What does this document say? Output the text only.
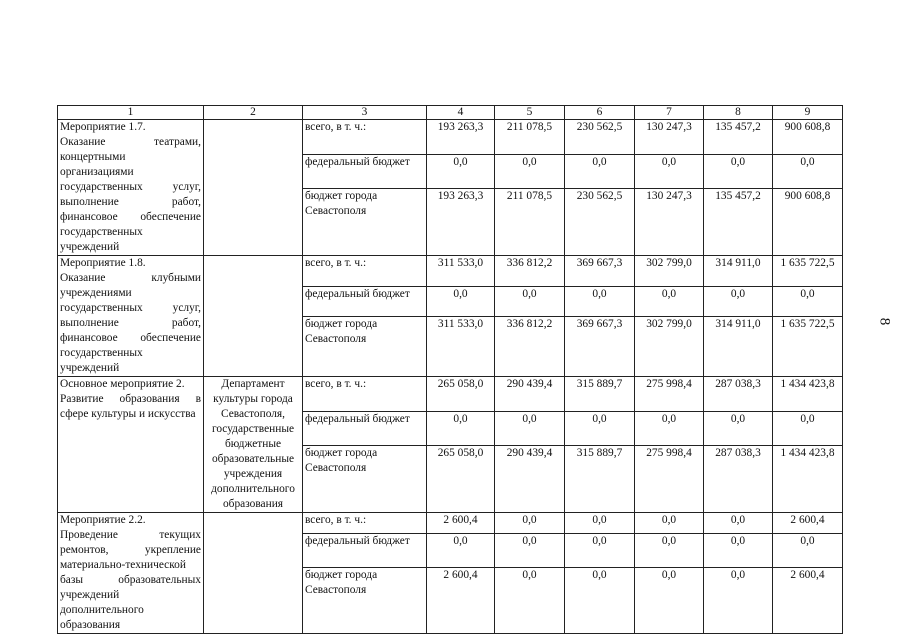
1	2	3	4	5	6	7	8	9

Мероприятие 1.7.
Оказание театрами, концертными организациями государственных услуг, выполнение работ, финансовое обеспечение государственных учреждений		всего, в т. ч.:	193 263,3	211 078,5	230 562,5	130 247,3	135 457,2	900 608,8
		федеральный бюджет	0,0	0,0	0,0	0,0	0,0	0,0
		бюджет города Севастополя	193 263,3	211 078,5	230 562,5	130 247,3	135 457,2	900 608,8

Мероприятие 1.8.
Оказание клубными учреждениями государственных услуг, выполнение работ, финансовое обеспечение государственных учреждений		всего, в т. ч.:	311 533,0	336 812,2	369 667,3	302 799,0	314 911,0	1 635 722,5
		федеральный бюджет	0,0	0,0	0,0	0,0	0,0	0,0
		бюджет города Севастополя	311 533,0	336 812,2	369 667,3	302 799,0	314 911,0	1 635 722,5

Основное мероприятие 2.
Развитие образования в сфере культуры и искусства	Департамент культуры города Севастополя, государственные бюджетные образовательные учреждения дополнительного образования	всего, в т. ч.:	265 058,0	290 439,4	315 889,7	275 998,4	287 038,3	1 434 423,8
		федеральный бюджет	0,0	0,0	0,0	0,0	0,0	0,0
		бюджет города Севастополя	265 058,0	290 439,4	315 889,7	275 998,4	287 038,3	1 434 423,8

Мероприятие 2.2.
Проведение текущих ремонтов, укрепление материально-технической базы образовательных учреждений дополнительного образования		всего, в т. ч.:	2 600,4	0,0	0,0	0,0	0,0	2 600,4
		федеральный бюджет	0,0	0,0	0,0	0,0	0,0	0,0
		бюджет города Севастополя	2 600,4	0,0	0,0	0,0	0,0	2 600,4
8
